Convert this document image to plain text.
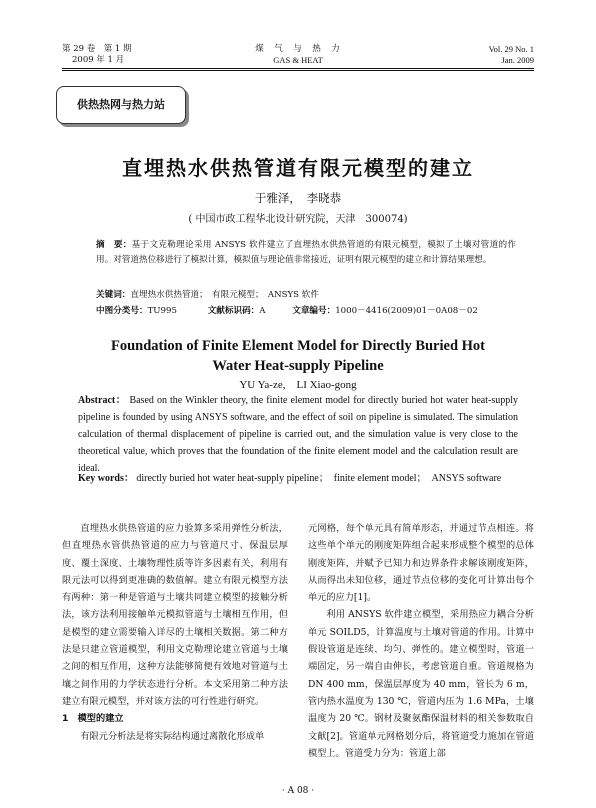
第 29 卷　第 1 期
2009 年 1 月
煤　气　与　热　力
GAS & HEAT
Vol. 29 No. 1
Jan. 2009
供热热网与热力站
直埋热水供热管道有限元模型的建立
于雅泽，　李晓恭
( 中国市政工程华北设计研究院，天津　300074)
摘　要：基于文克勒理论采用 ANSYS 软件建立了直埋热水供热管道的有限元模型，模拟了土壤对管道的作用。对管道热位移进行了模拟计算，模拟值与理论值非常接近，证明有限元模型的建立和计算结果理想。
关键词：直埋热水供热管道；　有限元模型；　ANSYS 软件
中图分类号：TU995	文献标识码：A	文章编号：1000－4416(2009)01－0A08－02
Foundation of Finite Element Model for Directly Buried Hot
Water Heat-supply Pipeline
YU Ya-ze,　LI Xiao-gong
Abstract： Based on the Winkler theory, the finite element model for directly buried hot water heat-supply pipeline is founded by using ANSYS software, and the effect of soil on pipeline is simulated. The simulation calculation of thermal displacement of pipeline is carried out, and the simulation value is very close to the theoretical value, which proves that the foundation of the finite element model and the calculation result are ideal.
Key words： directly buried hot water heat-supply pipeline；　finite element model；　ANSYS software

直埋热水供热管道的应力验算多采用弹性分析法，但直埋热水管供热管道的应力与管道尺寸、保温层厚度、覆土深度、土壤物理性质等许多因素有关，利用有限元法可以得到更准确的数值解。建立有限元模型方法有两种：第一种是管道与土壤共同建立模型的接触分析法，该方法利用接触单元模拟管道与土壤相互作用，但是模型的建立需要输入详尽的土壤相关数据。第二种方法是只建立管道模型，利用文克勒理论建立管道与土壤之间的相互作用，这种方法能够简便有效地对管道与土壤之间作用的力学状态进行分析。本文采用第二种方法建立有限元模型，并对该方法的可行性进行研究。

1　模型的建立

有限元分析法是将实际结构通过离散化形成单

元网格，每个单元具有简单形态，并通过节点相连。将这些单个单元的刚度矩阵组合起来形成整个模型的总体刚度矩阵，并赋予已知力和边界条件求解该刚度矩阵，从而得出未知位移，通过节点位移的变化可计算出每个单元的应力[1]。

利用 ANSYS 软件建立模型，采用热应力耦合分析单元 SOILD5，计算温度与土壤对管道的作用。计算中假设管道是连续、均匀、弹性的。建立模型时，管道一端固定，另一端自由伸长，考虑管道自重。管道规格为 DN 400 mm，保温层厚度为 40 mm，管长为 6 m，管内热水温度为 130 ℃，管道内压为 1.6 MPa，土壤温度为 20 ℃。钢材及聚氨酯保温材料的相关参数取自文献[2]。管道单元网格划分后，将管道受力施加在管道模型上。管道受力分为：管道上部

· A 08 ·
